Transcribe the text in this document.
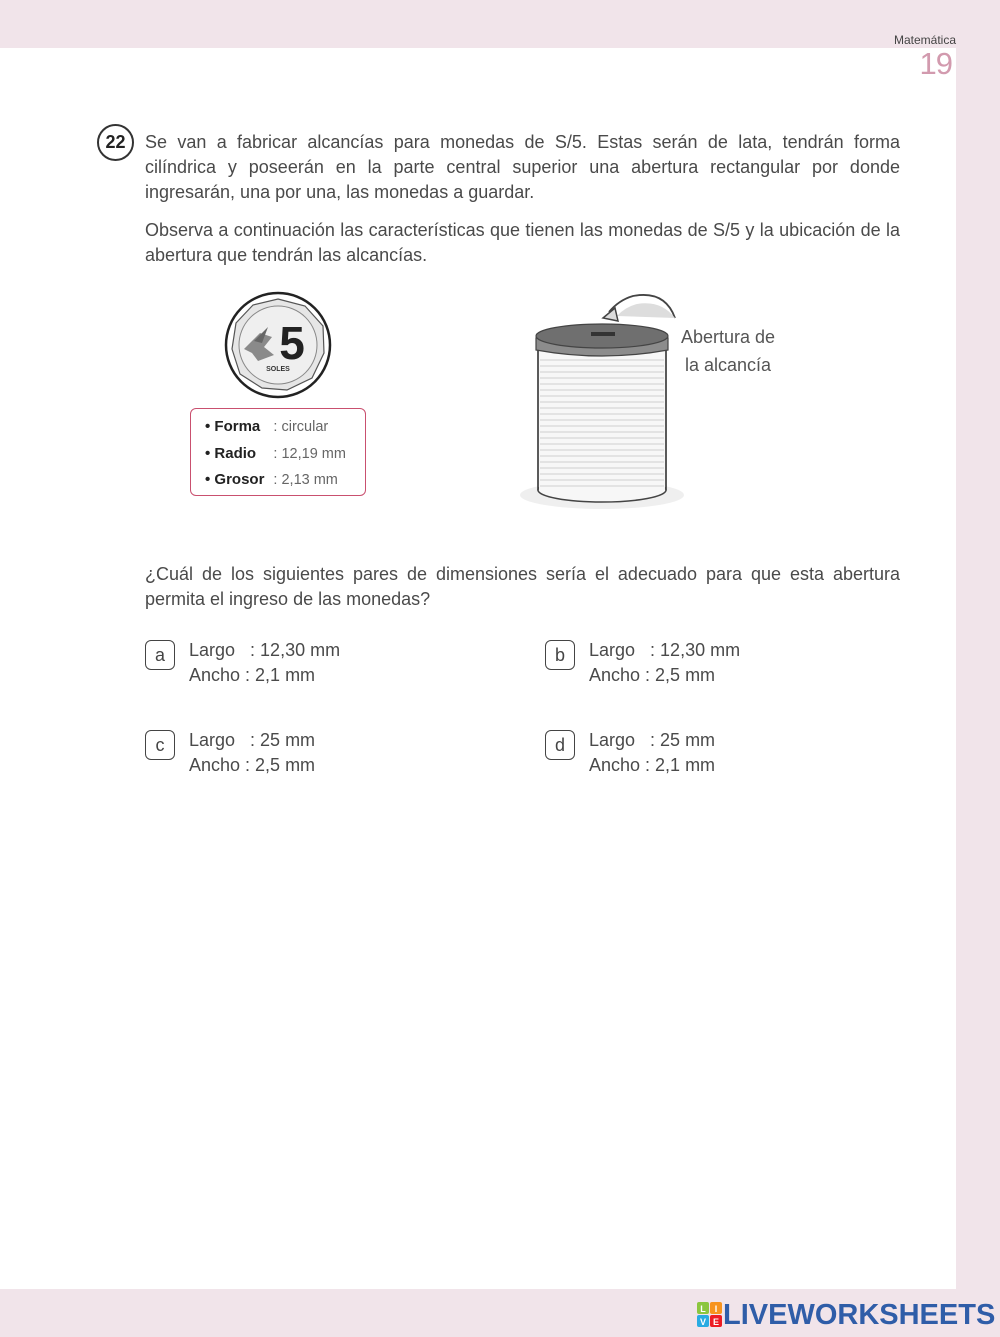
Matemática
19
22	Se van a fabricar alcancías para monedas de S/5. Estas serán de lata, tendrán forma cilíndrica y poseerán en la parte central superior una abertura rectangular por donde ingresarán, una por una, las monedas a guardar.
Observa a continuación las características que tienen las monedas de S/5 y la ubicación de la abertura que tendrán las alcancías.
5
SOLES
• Forma : circular
• Radio : 12,19 mm
• Grosor : 2,13 mm
Abertura de
la alcancía
¿Cuál de los siguientes pares de dimensiones sería el adecuado para que esta abertura permita el ingreso de las monedas?
a	Largo   : 12,30 mm
Ancho : 2,1 mm
b	Largo   : 12,30 mm
Ancho : 2,5 mm
c	Largo   : 25 mm
Ancho : 2,5 mm
d	Largo   : 25 mm
Ancho : 2,1 mm
L I
V E LIVEWORKSHEETS
